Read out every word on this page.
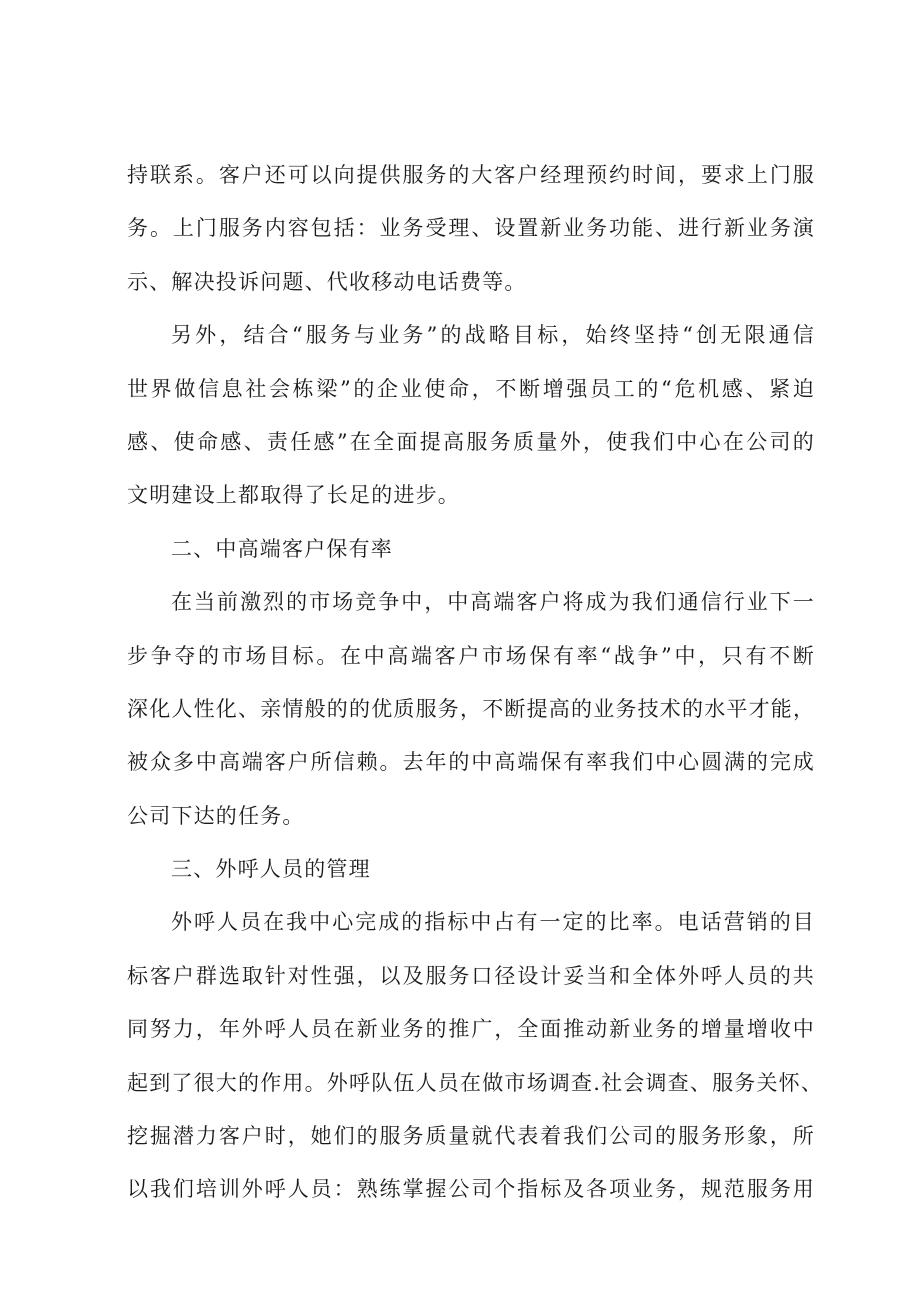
持联系。客户还可以向提供服务的大客户经理预约时间，要求上门服
务。上门服务内容包括：业务受理、设置新业务功能、进行新业务演
示、解决投诉问题、代收移动电话费等。
另外，结合“服务与业务”的战略目标，始终坚持“创无限通信
世界做信息社会栋梁”的企业使命，不断增强员工的“危机感、紧迫
感、使命感、责任感”在全面提高服务质量外，使我们中心在公司的
文明建设上都取得了长足的进步。
二、中高端客户保有率
在当前激烈的市场竞争中，中高端客户将成为我们通信行业下一
步争夺的市场目标。在中高端客户市场保有率“战争”中，只有不断
深化人性化、亲情般的的优质服务，不断提高的业务技术的水平才能，
被众多中高端客户所信赖。去年的中高端保有率我们中心圆满的完成
公司下达的任务。
三、外呼人员的管理
外呼人员在我中心完成的指标中占有一定的比率。电话营销的目
标客户群选取针对性强，以及服务口径设计妥当和全体外呼人员的共
同努力，年外呼人员在新业务的推广，全面推动新业务的增量增收中
起到了很大的作用。外呼队伍人员在做市场调查.社会调查、服务关怀、
挖掘潜力客户时，她们的服务质量就代表着我们公司的服务形象，所
以我们培训外呼人员：熟练掌握公司个指标及各项业务，规范服务用
